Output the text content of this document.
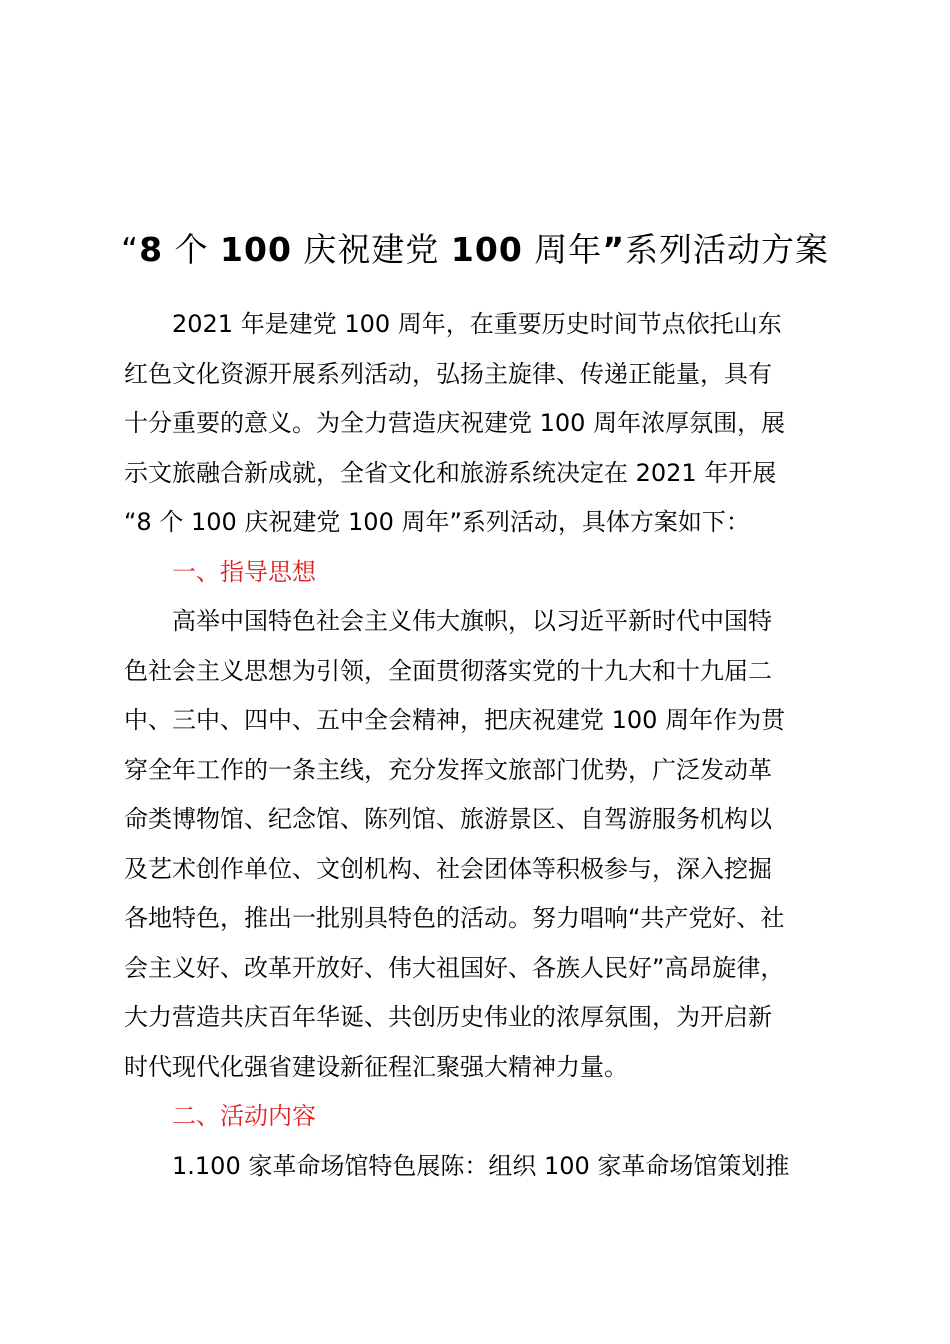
“8 个 100 庆祝建党 100 周年”系列活动方案

2021 年是建党 100 周年，在重要历史时间节点依托山东
红色文化资源开展系列活动，弘扬主旋律、传递正能量，具有
十分重要的意义。为全力营造庆祝建党 100 周年浓厚氛围，展
示文旅融合新成就，全省文化和旅游系统决定在 2021 年开展
“8 个 100 庆祝建党 100 周年”系列活动，具体方案如下：

一、指导思想

高举中国特色社会主义伟大旗帜，以习近平新时代中国特
色社会主义思想为引领，全面贯彻落实党的十九大和十九届二
中、三中、四中、五中全会精神，把庆祝建党 100 周年作为贯
穿全年工作的一条主线，充分发挥文旅部门优势，广泛发动革
命类博物馆、纪念馆、陈列馆、旅游景区、自驾游服务机构以
及艺术创作单位、文创机构、社会团体等积极参与，深入挖掘
各地特色，推出一批别具特色的活动。努力唱响“共产党好、社
会主义好、改革开放好、伟大祖国好、各族人民好”高昂旋律，
大力营造共庆百年华诞、共创历史伟业的浓厚氛围，为开启新
时代现代化强省建设新征程汇聚强大精神力量。

二、活动内容

1.100 家革命场馆特色展陈：组织 100 家革命场馆策划推
